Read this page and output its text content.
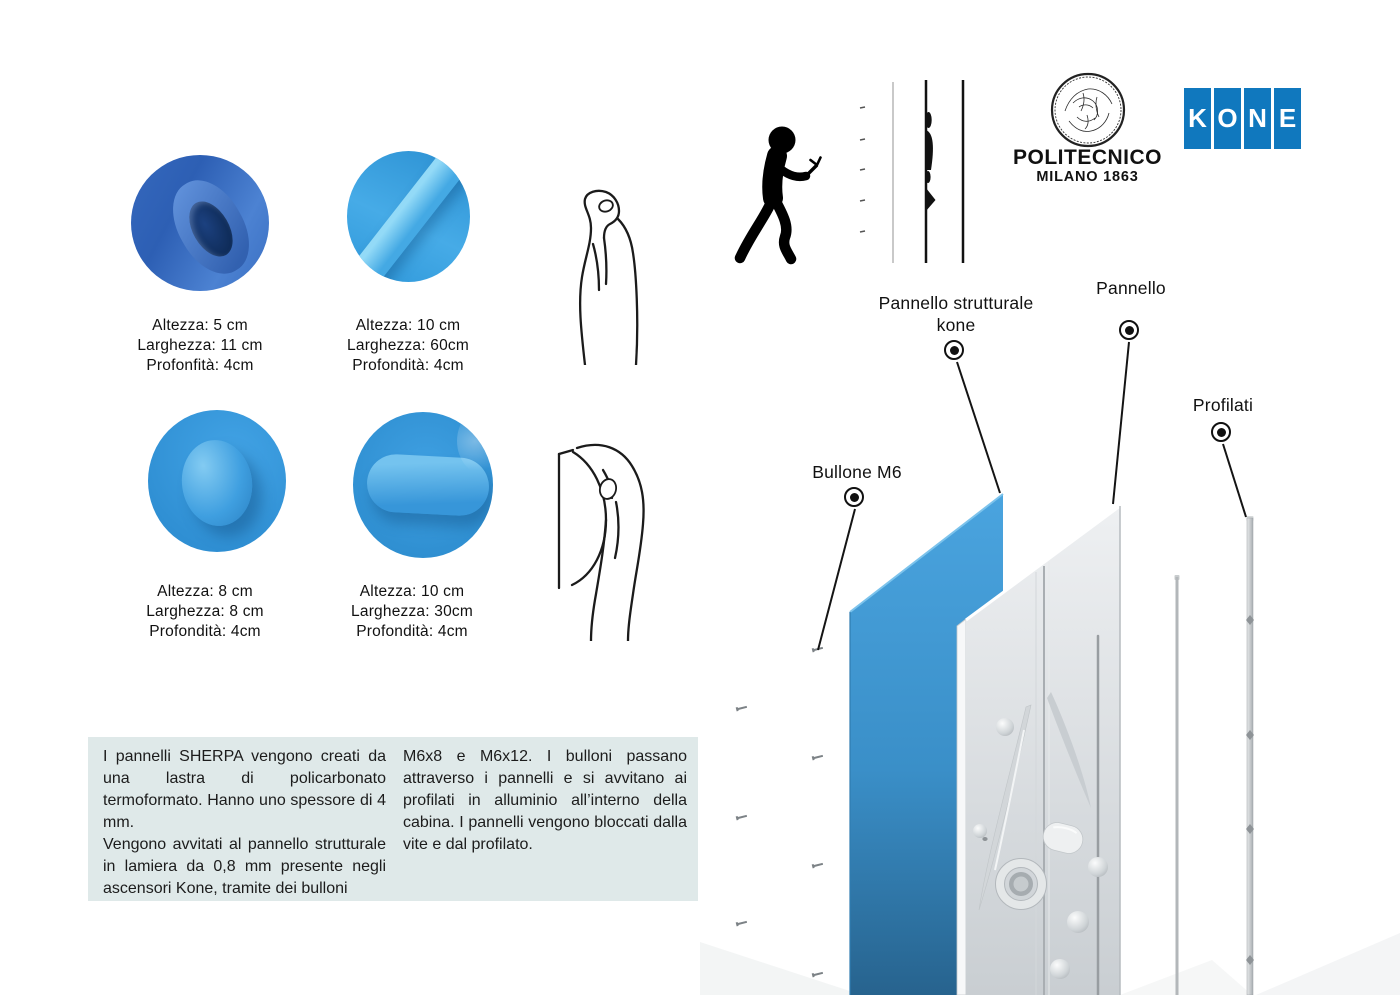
Altezza: 5 cm
Larghezza: 11 cm
Profonfità: 4cm
Altezza: 10 cm
Larghezza: 60cm
Profondità: 4cm
Altezza: 8 cm
Larghezza: 8 cm
Profondità: 4cm
Altezza: 10 cm
Larghezza: 30cm
Profondità: 4cm

I pannelli SHERPA vengono creati da una lastra di policarbonato termoformato. Hanno uno spessore di 4 mm.

Vengono avvitati al pannello strutturale in lamiera da 0,8 mm presente negli ascensori Kone, tramite dei bulloni

M6x8 e M6x12. I bulloni passano attraverso i pannelli e si avvitano ai profilati in alluminio all’interno della cabina. I pannelli vengono bloccati dalla vite e dal profilato.

Bullone M6
Pannello strutturale
kone
Pannello
Profilati
POLITECNICO
MILANO 1863
K O N E
